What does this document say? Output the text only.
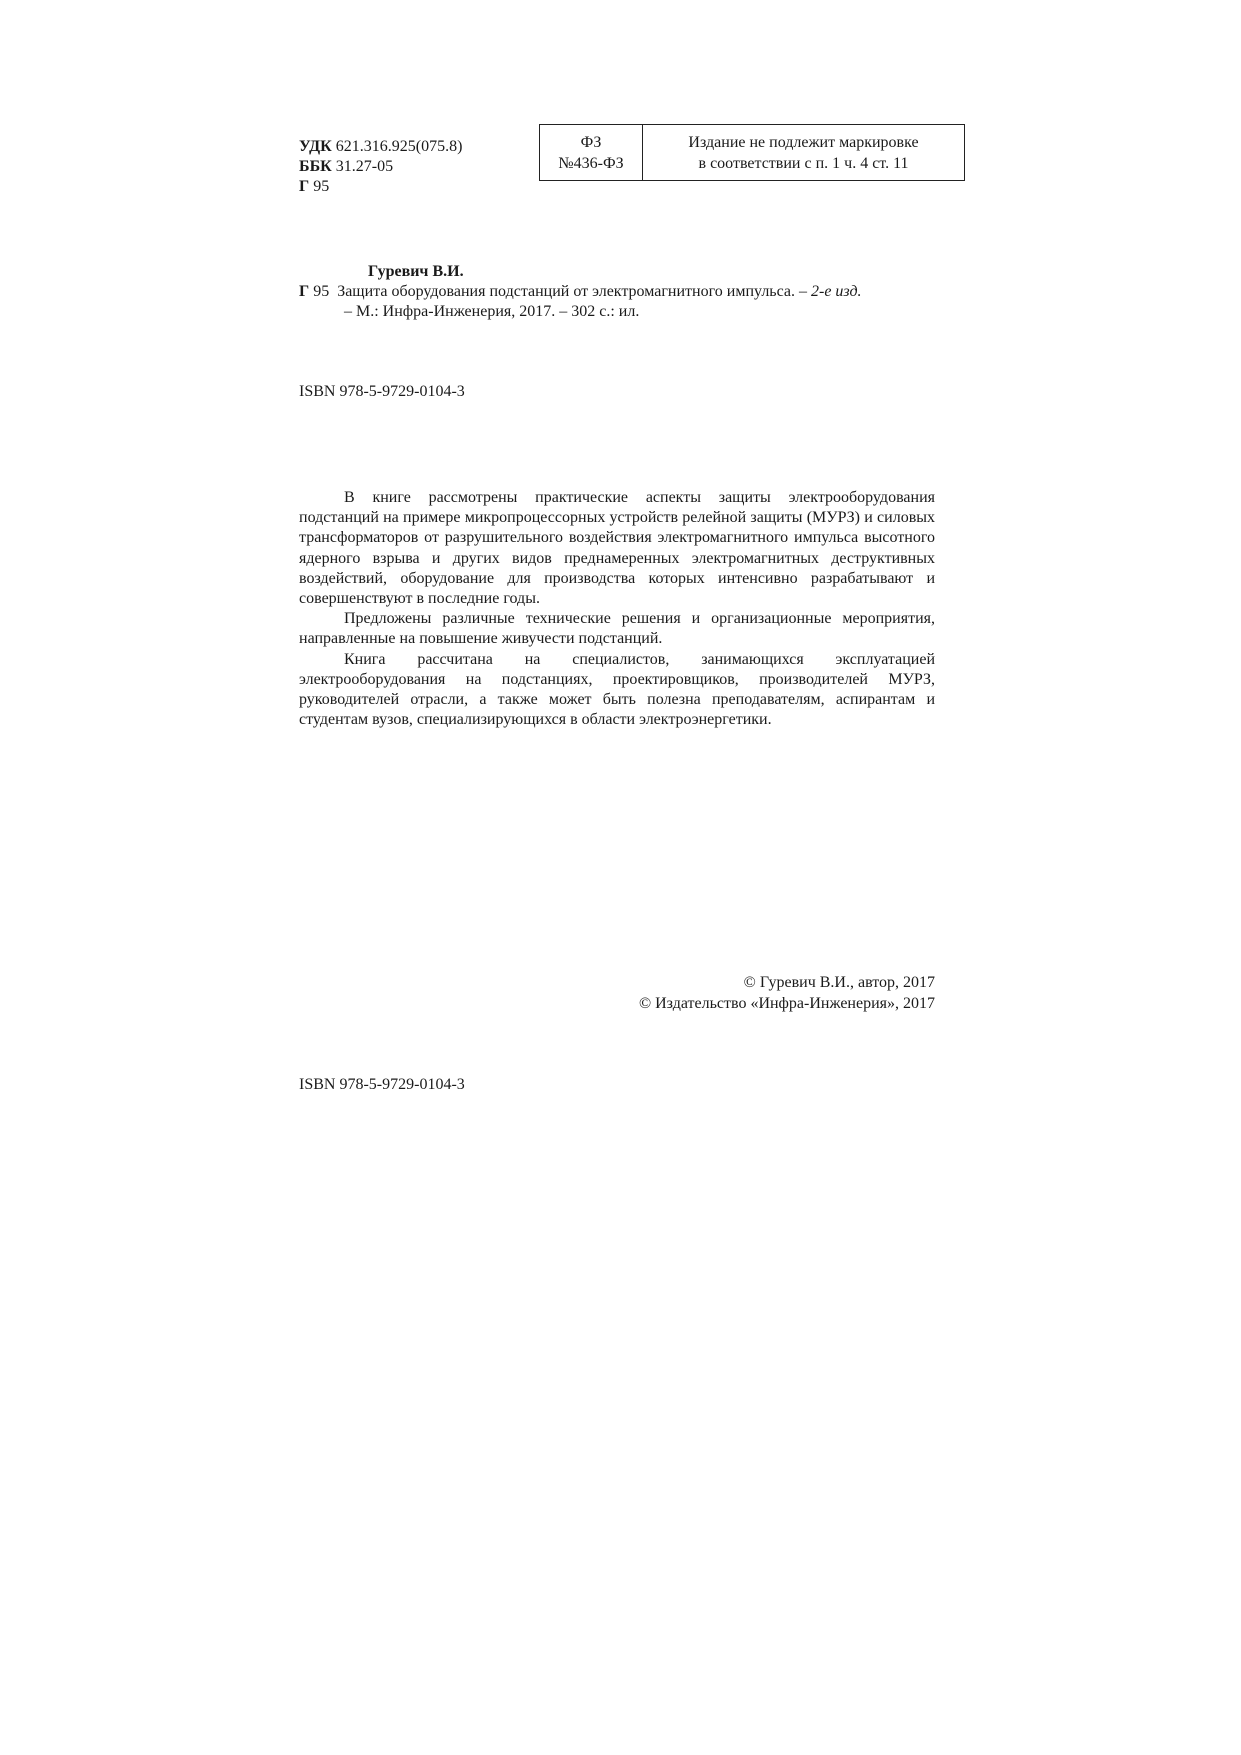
УДК 621.316.925(075.8)
ББК 31.27-05
Г 95
ФЗ
№436-ФЗ
Издание не подлежит маркировке
в соответствии с п. 1 ч. 4 ст. 11
Гуревич В.И.
Г 95 Защита оборудования подстанций от электромагнитного импульса. – 2-е изд.
– М.: Инфра-Инженерия, 2017. – 302 с.: ил.
ISBN 978-5-9729-0104-3

В книге рассмотрены практические аспекты защиты электрооборудования подстанций на примере микропроцессорных устройств релейной защиты (МУРЗ) и силовых трансформаторов от разрушительного воздействия электромагнитного импульса высотного ядерного взрыва и других видов преднамеренных электромагнитных деструктивных воздействий, оборудование для производства которых интенсивно разрабатывают и совершенствуют в последние годы.

Предложены различные технические решения и организационные мероприятия, направленные на повышение живучести подстанций.

Книга рассчитана на специалистов, занимающихся эксплуатацией электрооборудования на подстанциях, проектировщиков, производителей МУРЗ, руководителей отрасли, а также может быть полезна преподавателям, аспирантам и студентам вузов, специализирующихся в области электроэнергетики.

© Гуревич В.И., автор, 2017
© Издательство «Инфра-Инженерия», 2017
ISBN 978-5-9729-0104-3
